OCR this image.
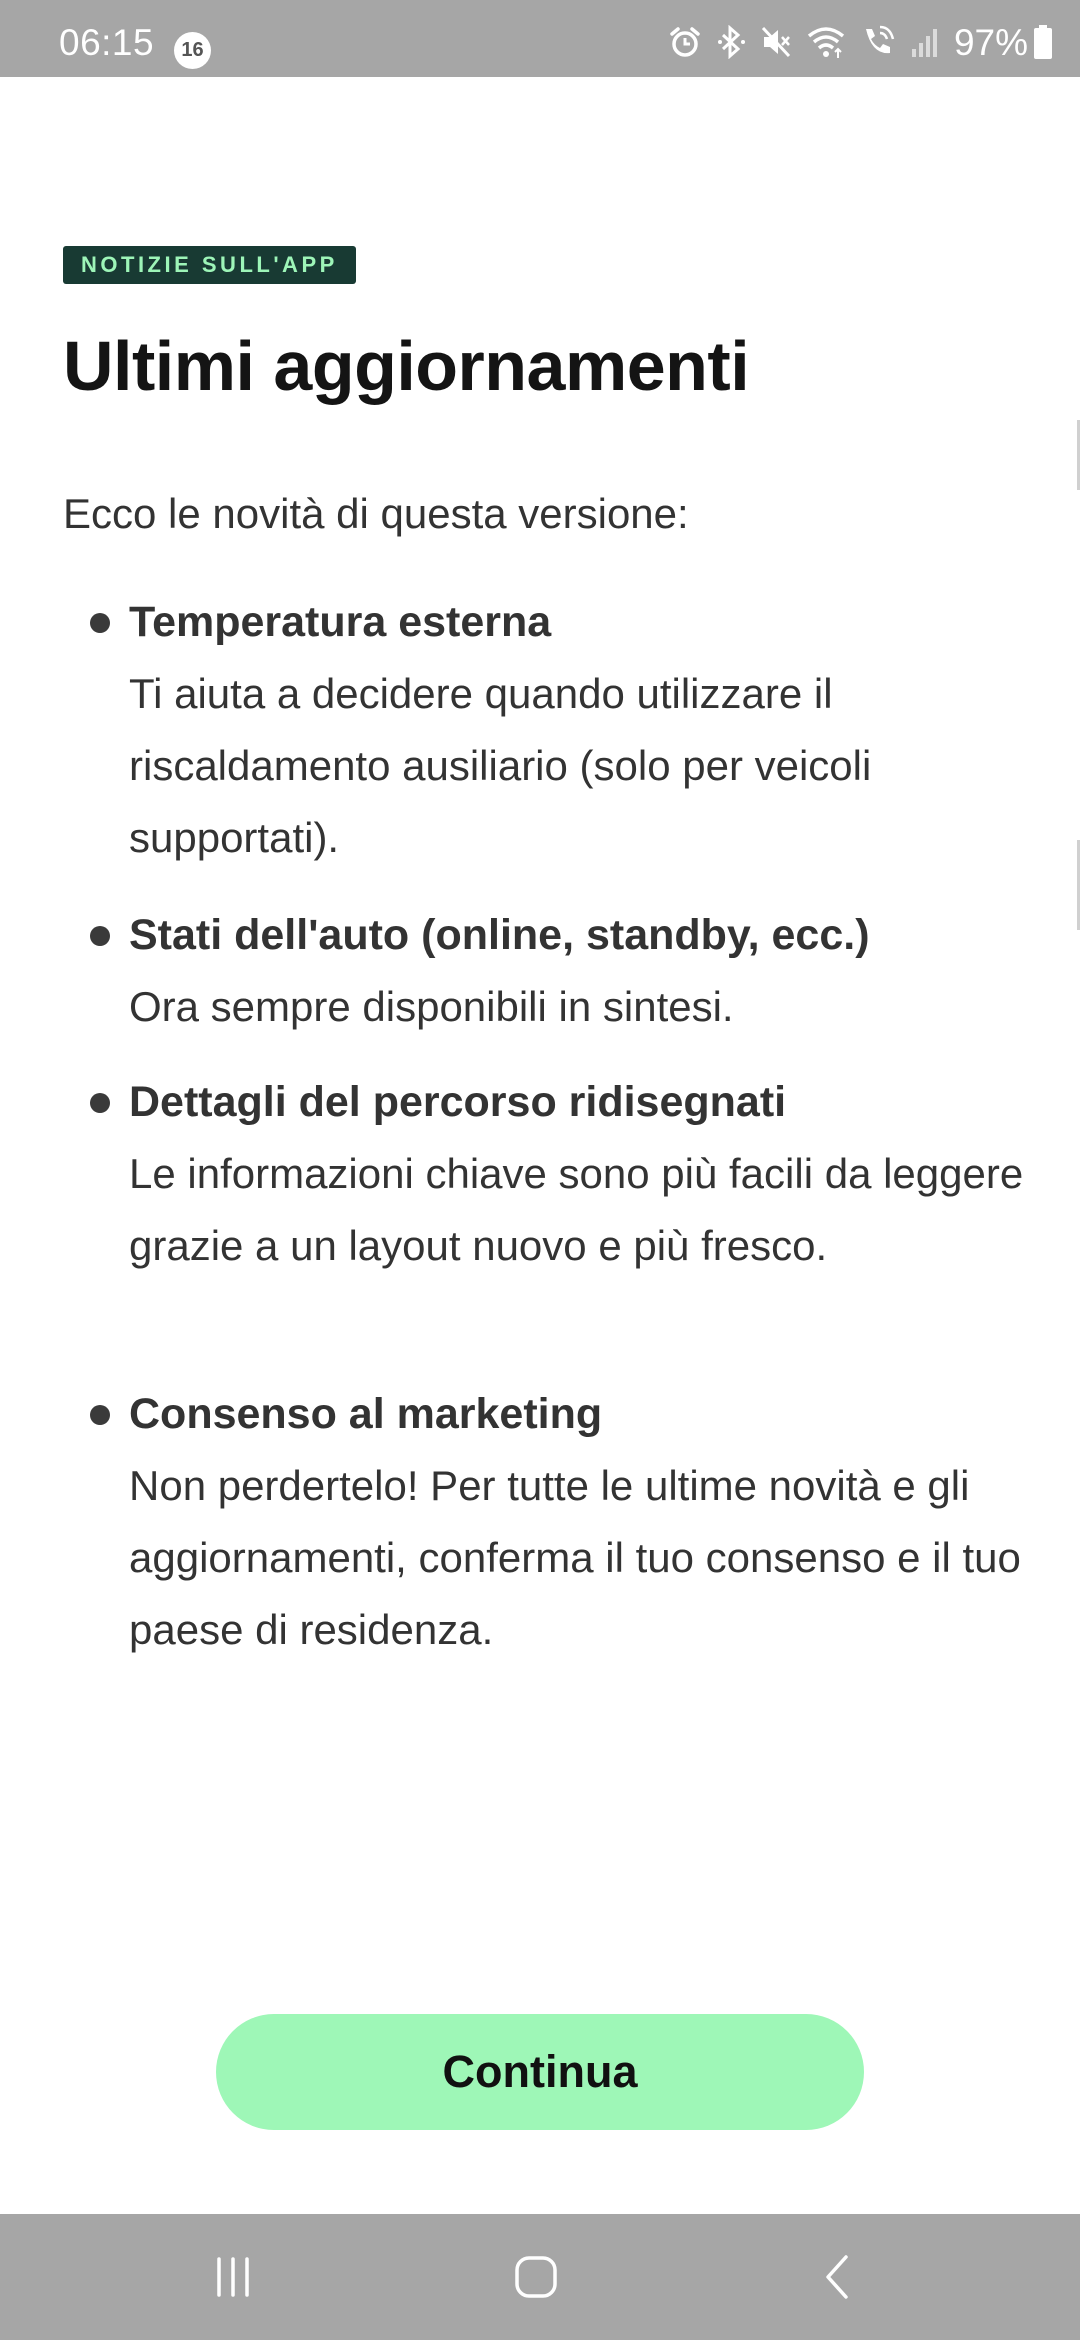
06:15	16	97%
NOTIZIE SULL'APP
Ultimi aggiornamenti
Ecco le novità di questa versione:
Temperatura esterna
Ti aiuta a decidere quando utilizzare il riscaldamento ausiliario (solo per veicoli supportati).
Stati dell'auto (online, standby, ecc.)
Ora sempre disponibili in sintesi.
Dettagli del percorso ridisegnati
Le informazioni chiave sono più facili da leggere grazie a un layout nuovo e più fresco.
Consenso al marketing
Non perdertelo! Per tutte le ultime novità e gli aggiornamenti, conferma il tuo consenso e il tuo paese di residenza.
Continua
